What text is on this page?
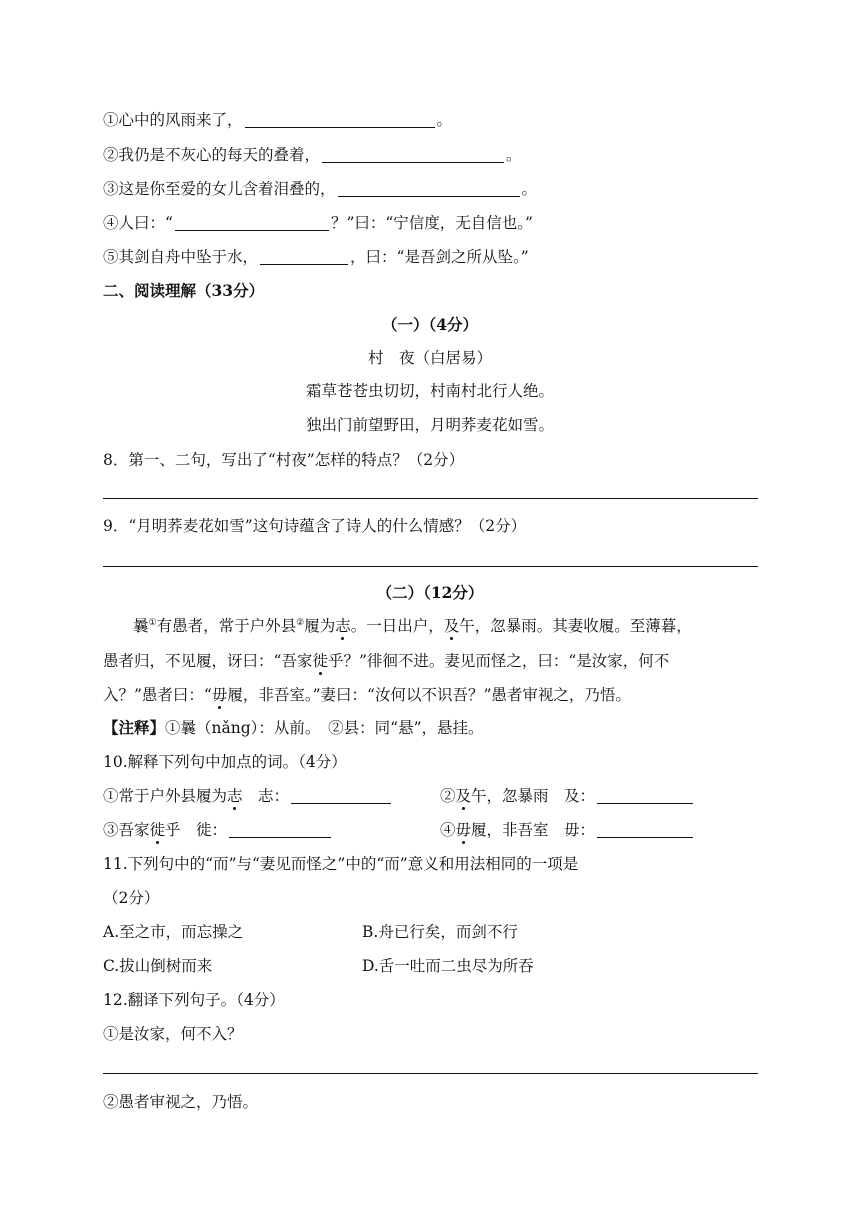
①心中的风雨来了，	。
②我仍是不灰心的每天的叠着，	。
③这是你至爱的女儿含着泪叠的，	。
④人曰：“	？”曰：“宁信度，无自信也。”
⑤其剑自舟中坠于水，	，曰：“是吾剑之所从坠。”
二、阅读理解（33分）
（一）（4分）
村　夜（白居易）
霜草苍苍虫切切，村南村北行人绝。
独出门前望野田，月明荞麦花如雪。
8．第一、二句，写出了“村夜”怎样的特点？（2分）
9．“月明荞麦花如雪”这句诗蕴含了诗人的什么情感？（2分）
（二）（12分）
曩①有愚者，常于户外县②履为志。一日出户，及午，忽暴雨。其妻收履。至薄暮，
愚者归，不见履，讶曰：“吾家徙乎？”徘徊不进。妻见而怪之，曰：“是汝家，何不
入？”愚者曰：“毋履，非吾室。”妻曰：“汝何以不识吾？”愚者审视之，乃悟。
【注释】①曩（nǎng）：从前。　②县：同“悬”，悬挂。
10.解释下列句中加点的词。（4分）
①常于户外县履为志　志：	②及午，忽暴雨　及：
③吾家徙乎　徙：	④毋履，非吾室　毋：
11.下列句中的“而”与“妻见而怪之”中的“而”意义和用法相同的一项是
（2分）
A.至之市，而忘操之	B.舟已行矣，而剑不行
C.拔山倒树而来	D.舌一吐而二虫尽为所吞
12.翻译下列句子。（4分）
①是汝家，何不入？
②愚者审视之，乃悟。
